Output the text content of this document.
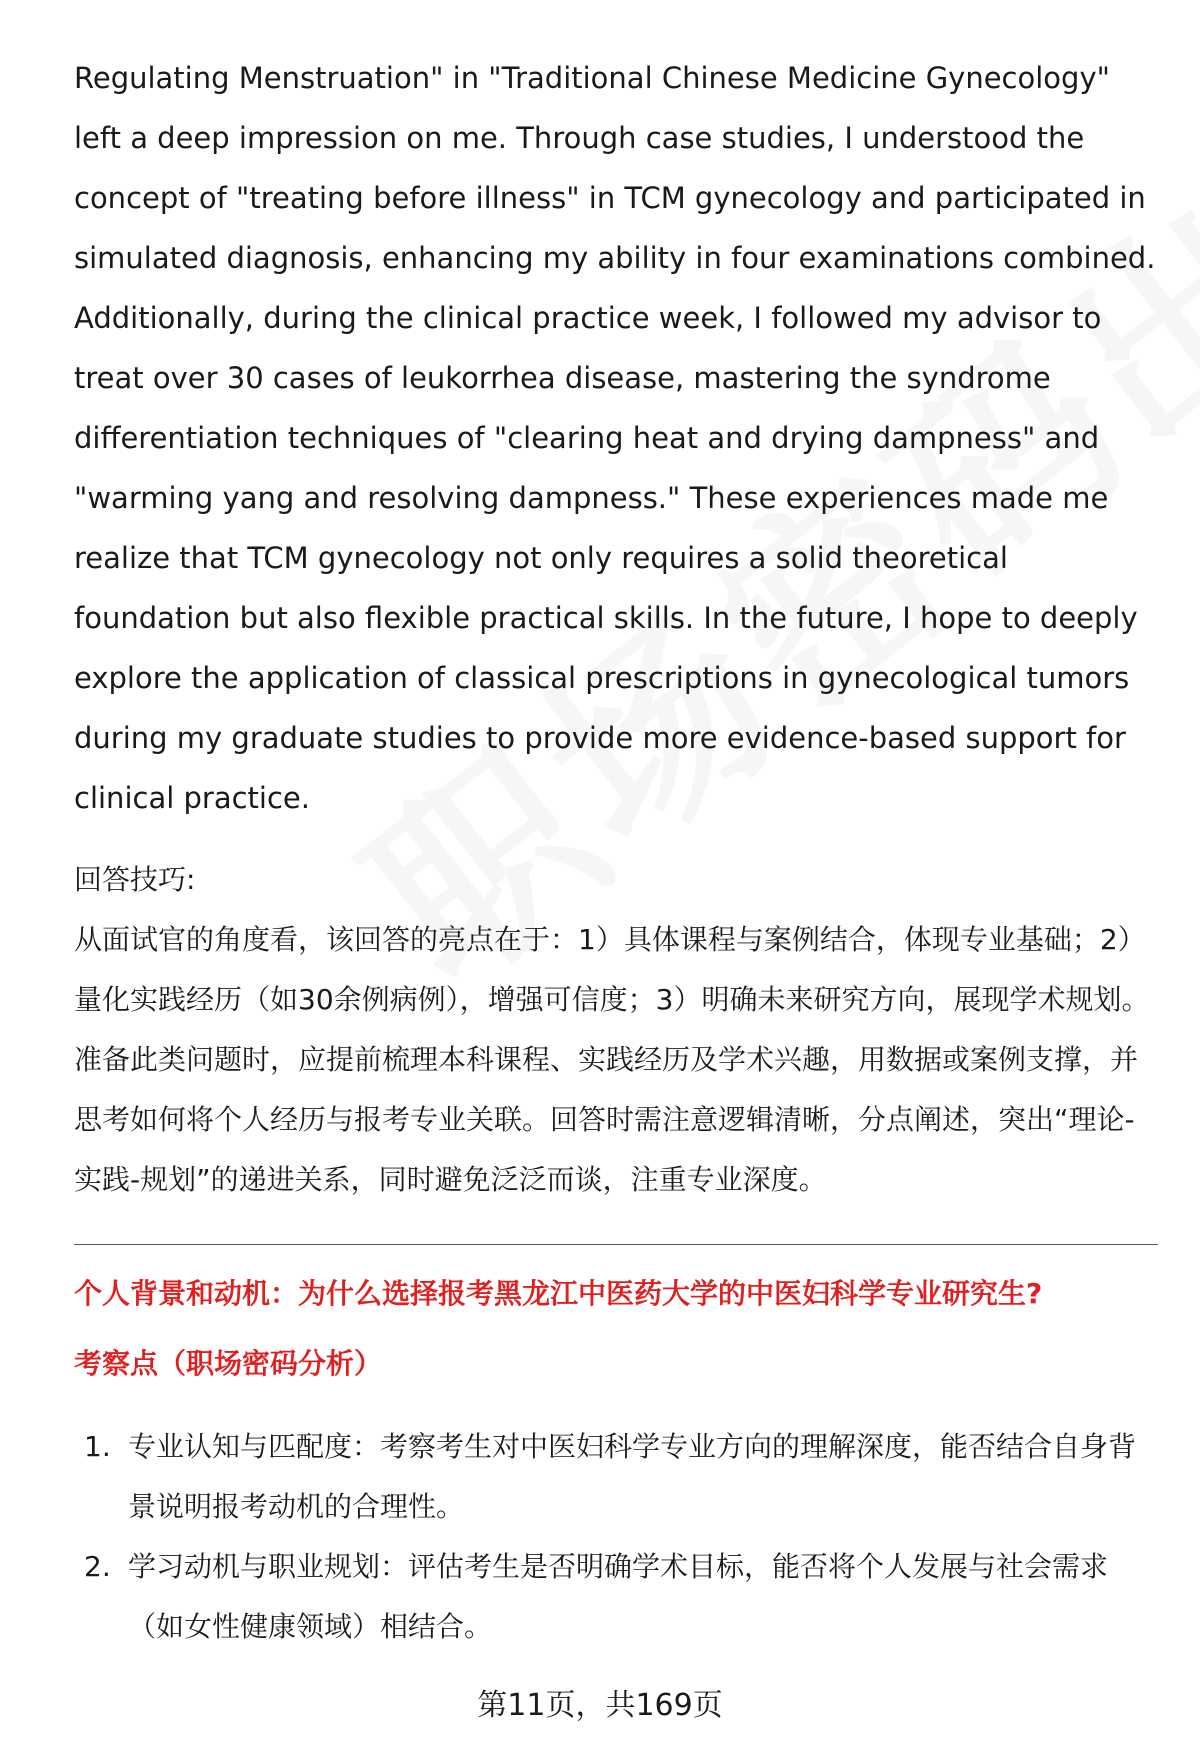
Regulating Menstruation" in "Traditional Chinese Medicine Gynecology" left a deep impression on me. Through case studies, I understood the concept of "treating before illness" in TCM gynecology and participated in simulated diagnosis, enhancing my ability in four examinations combined. Additionally, during the clinical practice week, I followed my advisor to treat over 30 cases of leukorrhea disease, mastering the syndrome differentiation techniques of "clearing heat and drying dampness" and "warming yang and resolving dampness." These experiences made me realize that TCM gynecology not only requires a solid theoretical foundation but also flexible practical skills. In the future, I hope to deeply explore the application of classical prescriptions in gynecological tumors during my graduate studies to provide more evidence-based support for clinical practice.

回答技巧:

从面试官的角度看，该回答的亮点在于：1）具体课程与案例结合，体现专业基础；2）量化实践经历（如30余例病例），增强可信度；3）明确未来研究方向，展现学术规划。

准备此类问题时，应提前梳理本科课程、实践经历及学术兴趣，用数据或案例支撑，并思考如何将个人经历与报考专业关联。回答时需注意逻辑清晰，分点阐述，突出“理论-实践-规划”的递进关系，同时避免泛泛而谈，注重专业深度。

个人背景和动机：为什么选择报考黑龙江中医药大学的中医妇科学专业研究生?

考察点（职场密码分析）

1. 专业认知与匹配度：考察考生对中医妇科学专业方向的理解深度，能否结合自身背景说明报考动机的合理性。
2. 学习动机与职业规划：评估考生是否明确学术目标，能否将个人发展与社会需求（如女性健康领域）相结合。
第11页，共169页
